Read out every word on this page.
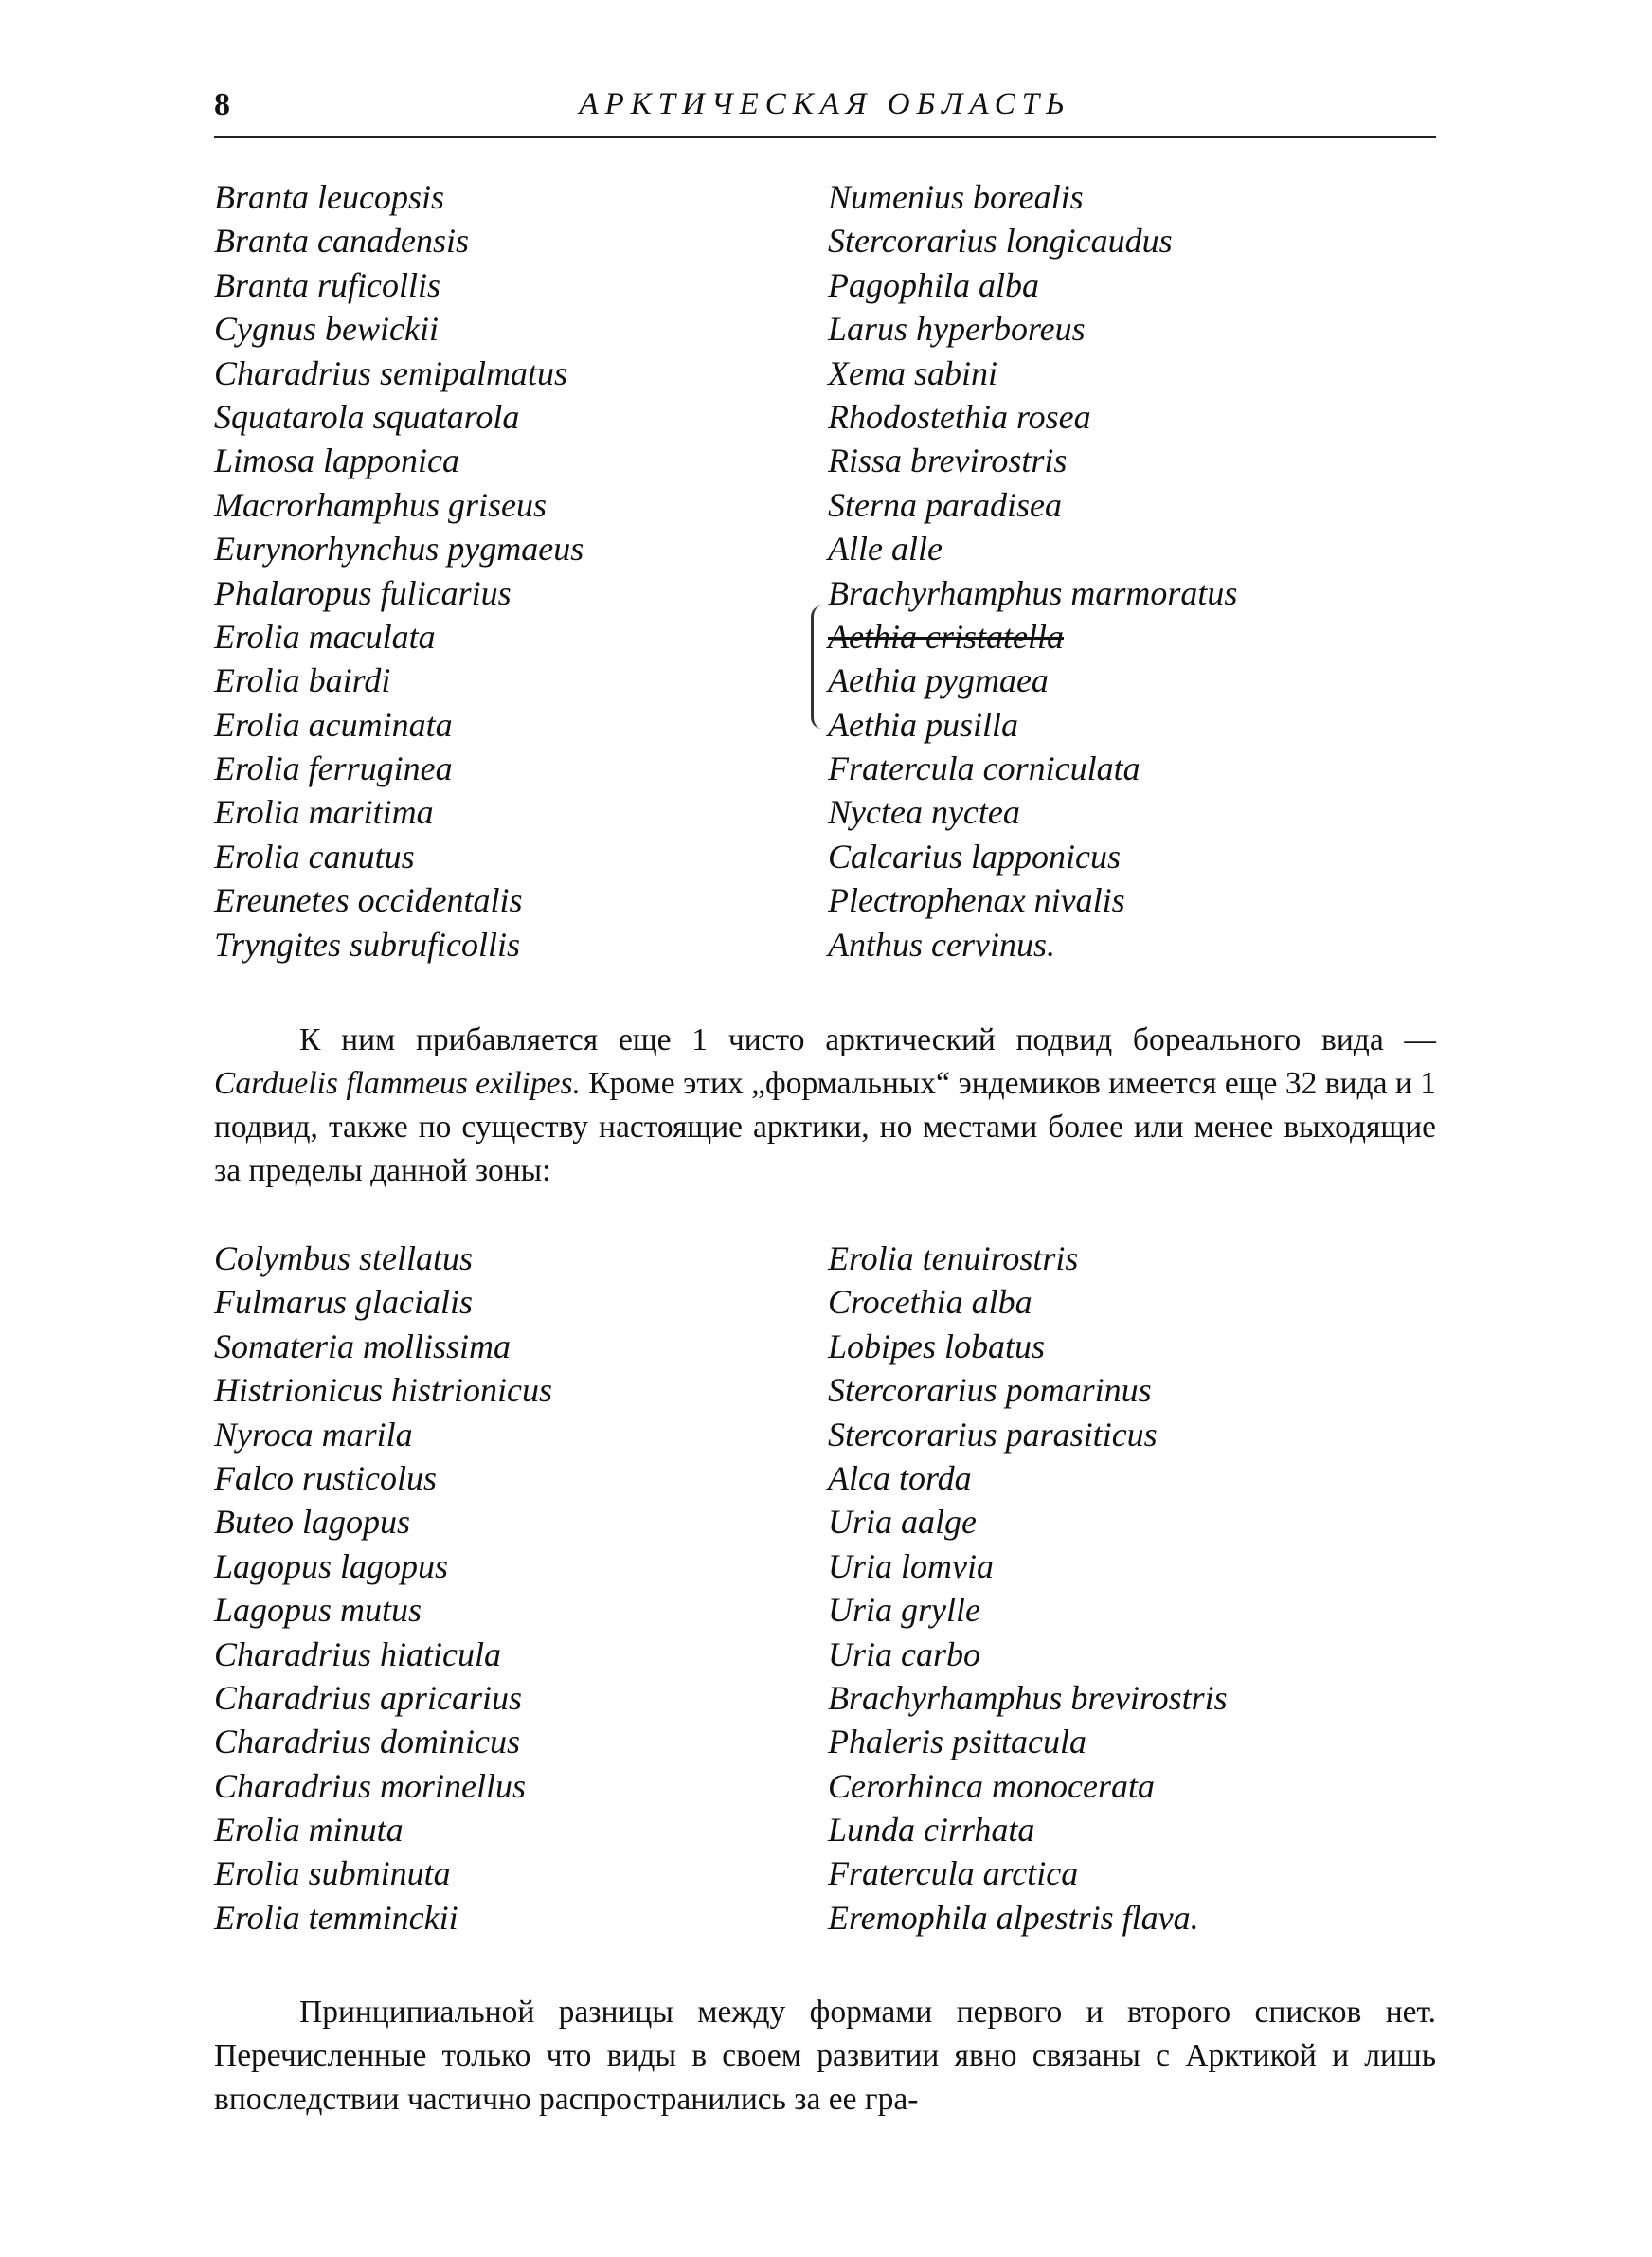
8	АРКТИЧЕСКАЯ ОБЛАСТЬ
Branta leucopsis
Branta canadensis
Branta ruficollis
Cygnus bewickii
Charadrius semipalmatus
Squatarola squatarola
Limosa lapponica
Macrorhamphus griseus
Eurynorhynchus pygmaeus
Phalaropus fulicarius
Erolia maculata
Erolia bairdi
Erolia acuminata
Erolia ferruginea
Erolia maritima
Erolia canutus
Ereunetes occidentalis
Tryngites subruficollis
Numenius borealis
Stercorarius longicaudus
Pagophila alba
Larus hyperboreus
Xema sabini
Rhodostethia rosea
Rissa brevirostris
Sterna paradisea
Alle alle
Brachyrhamphus marmoratus
Aethia cristatella
Aethia pygmaea
Aethia pusilla
Fratercula corniculata
Nyctea nyctea
Calcarius lapponicus
Plectrophenax nivalis
Anthus cervinus.

К ним прибавляется еще 1 чисто арктический подвид бореального вида — Carduelis flammeus exilipes. Кроме этих „формальных“ эндемиков имеется еще 32 вида и 1 подвид, также по существу настоящие арктики, но местами более или менее выходящие за пределы данной зоны:

Colymbus stellatus
Fulmarus glacialis
Somateria mollissima
Histrionicus histrionicus
Nyroca marila
Falco rusticolus
Buteo lagopus
Lagopus lagopus
Lagopus mutus
Charadrius hiaticula
Charadrius apricarius
Charadrius dominicus
Charadrius morinellus
Erolia minuta
Erolia subminuta
Erolia temminckii
Erolia tenuirostris
Crocethia alba
Lobipes lobatus
Stercorarius pomarinus
Stercorarius parasiticus
Alca torda
Uria aalge
Uria lomvia
Uria grylle
Uria carbo
Brachyrhamphus brevirostris
Phaleris psittacula
Cerorhinca monocerata
Lunda cirrhata
Fratercula arctica
Eremophila alpestris flava.

Принципиальной разницы между формами первого и второго списков нет. Перечисленные только что виды в своем развитии явно связаны с Арктикой и лишь впоследствии частично распространились за ее гра-
